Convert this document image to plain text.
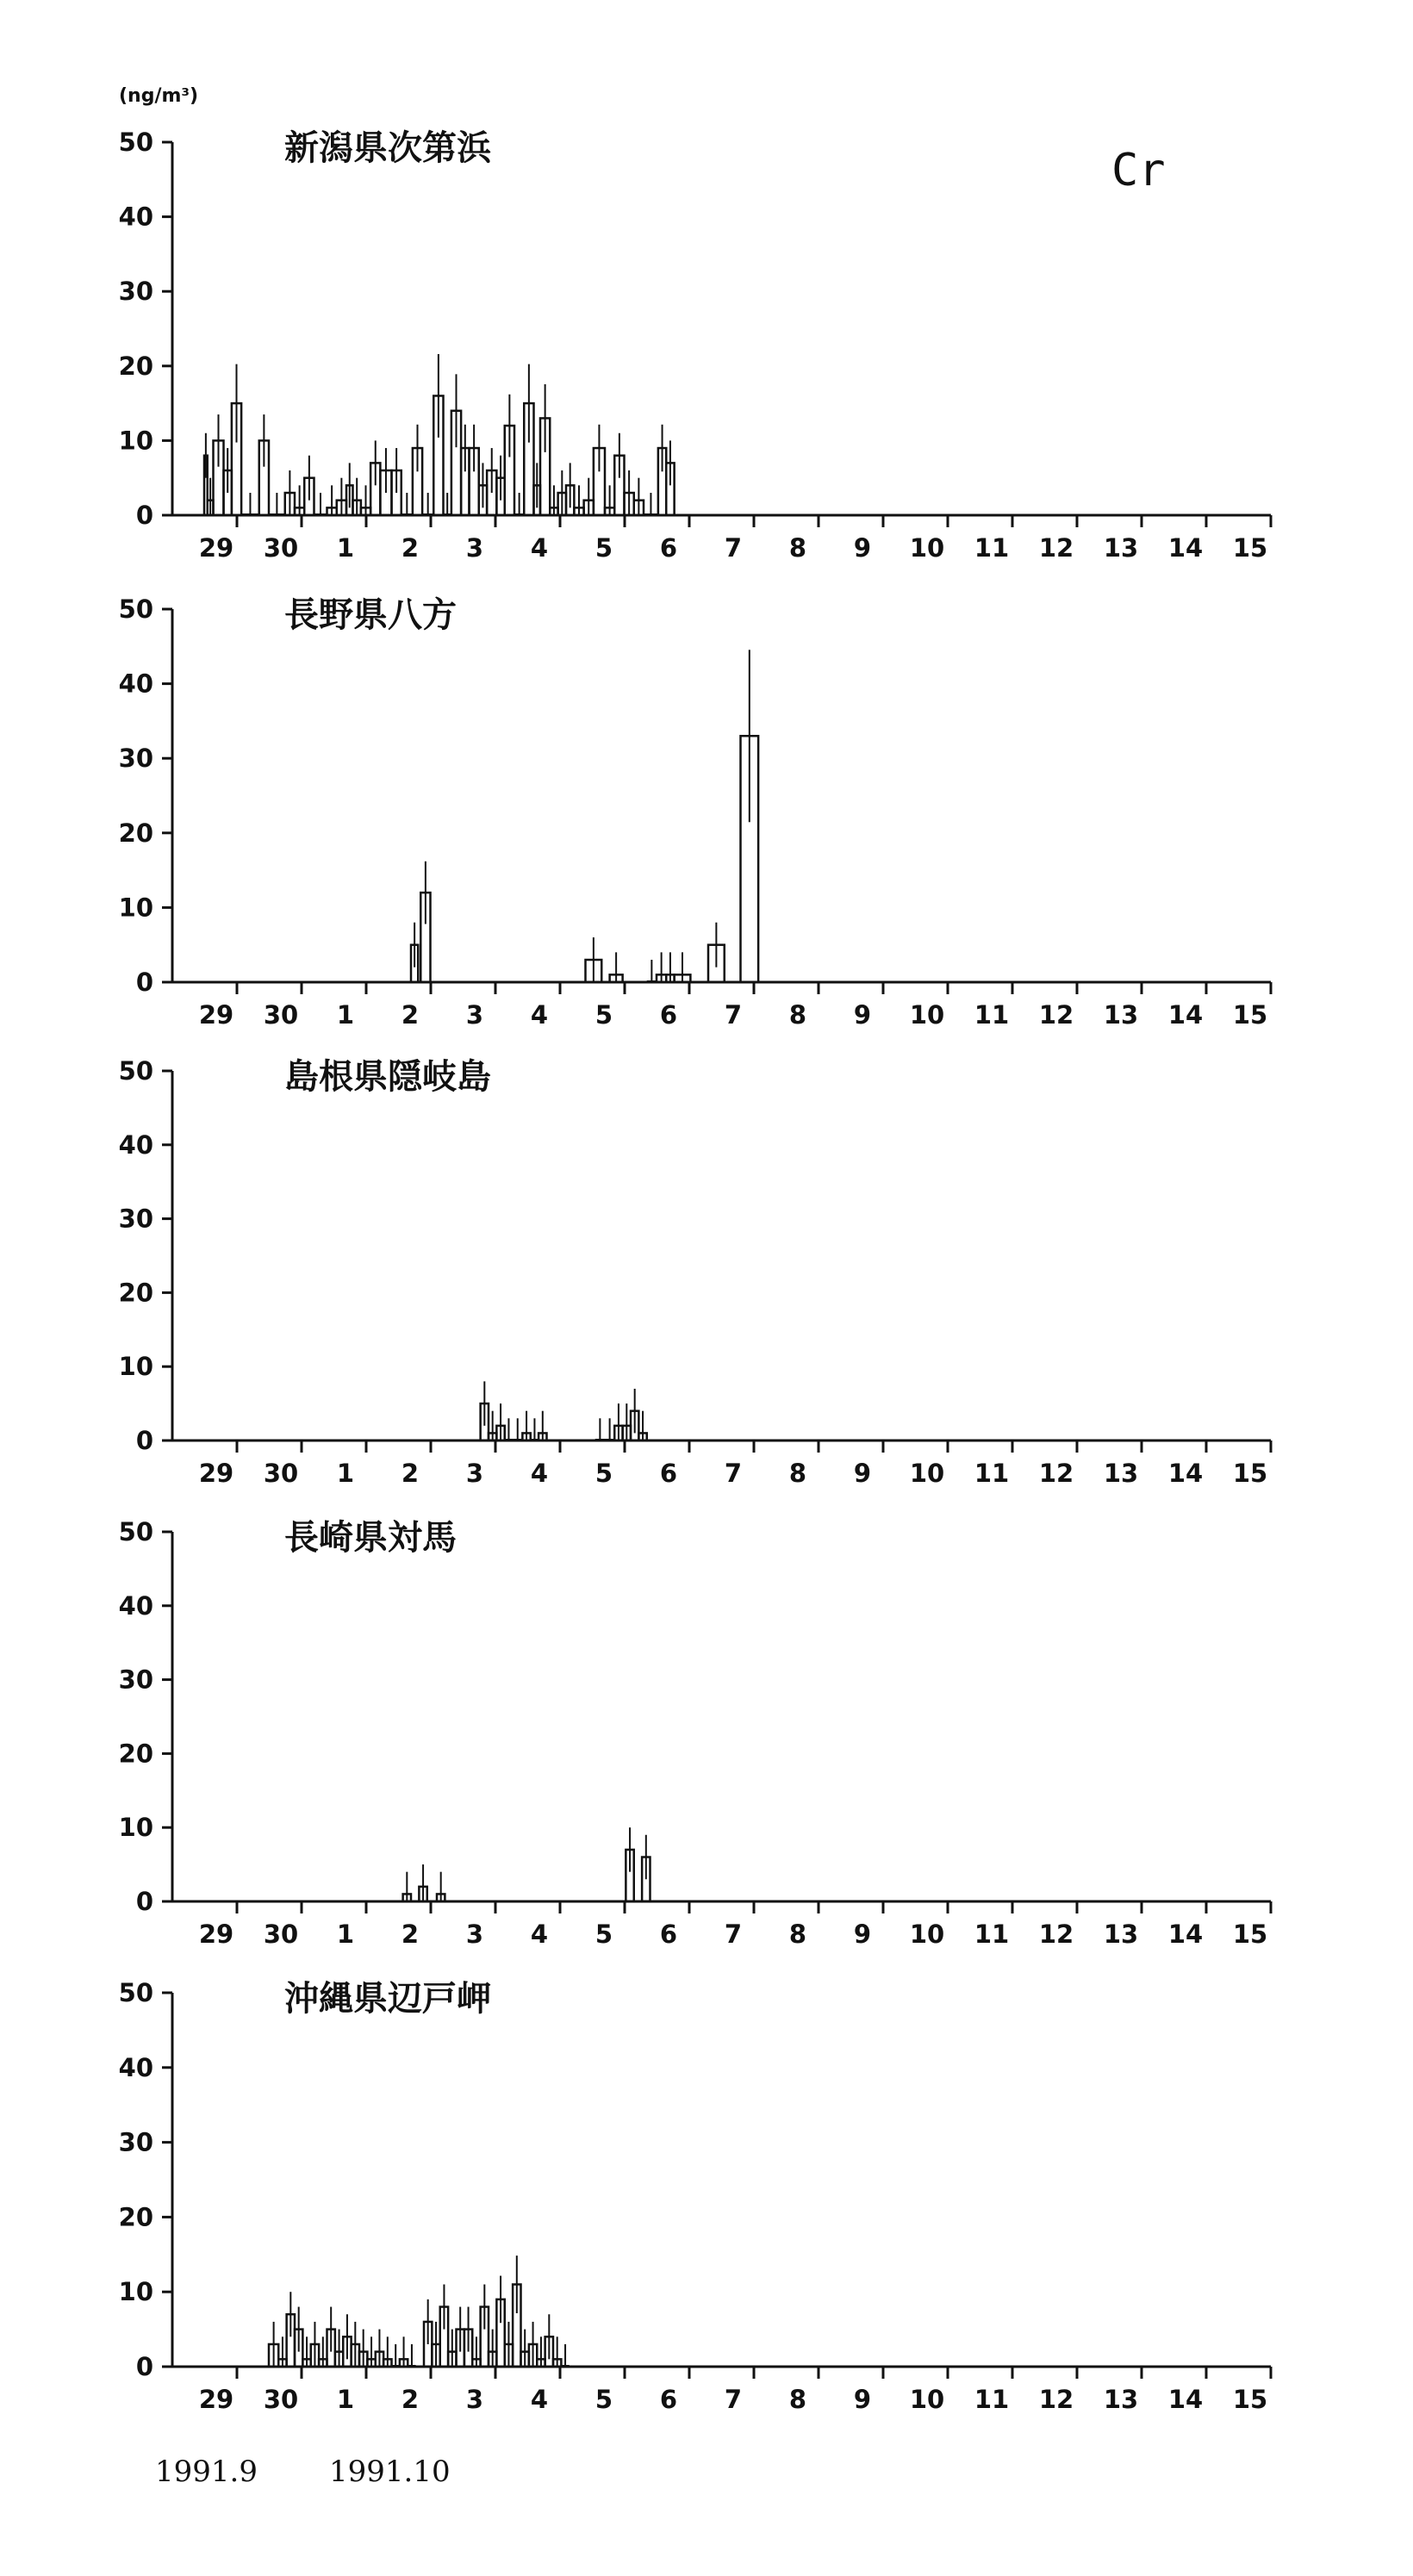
(ng/m³)
Cr
0
10
20
30
40
50
29 30 1 2 3 4 5 6 7 8 9 10 11 12 13 14 15
新潟県次第浜
0
10
20
30
40
50
29 30 1 2 3 4 5 6 7 8 9 10 11 12 13 14 15
長野県八方
0
10
20
30
40
50
29 30 1 2 3 4 5 6 7 8 9 10 11 12 13 14 15
島根県隠岐島
0
10
20
30
40
50
29 30 1 2 3 4 5 6 7 8 9 10 11 12 13 14 15
長崎県対馬
0
10
20
30
40
50
29 30 1 2 3 4 5 6 7 8 9 10 11 12 13 14 15
沖縄県辺戸岬
1991.9 1991.10
